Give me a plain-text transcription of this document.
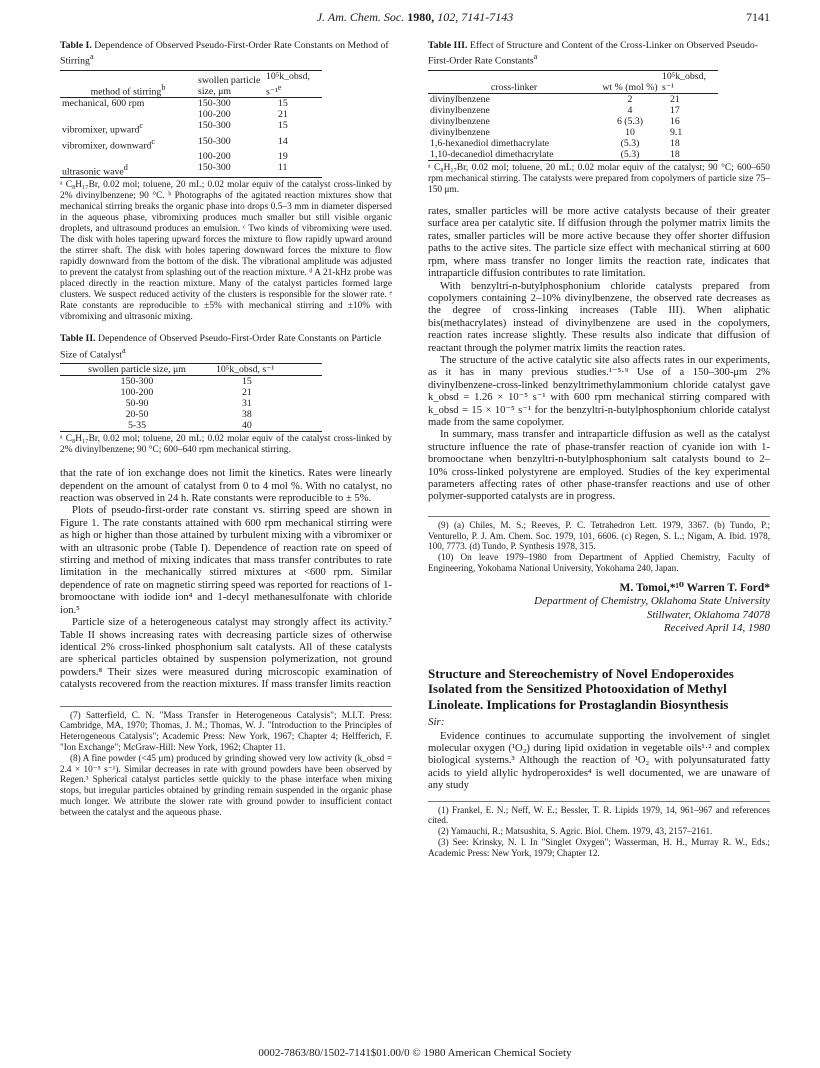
J. Am. Chem. Soc. 1980, 102, 7141-7143	7141
Table I. Dependence of Observed Pseudo-First-Order Rate Constants on Method of Stirring$^a$
method of stirring$^b$	swollen particle size, μm	10⁵k_obsd, s⁻¹$^e$
mechanical, 600 rpm	150-300	15
	100-200	21
vibromixer, upward$^c$	150-300	15
vibromixer, downward$^c$	150-300	14
	100-200	19
ultrasonic wave$^d$	150-300	11
ᵃ C₈H₁₇Br, 0.02 mol; toluene, 20 mL; 0.02 molar equiv of the catalyst cross-linked by 2% divinylbenzene; 90 °C. ᵇ Photographs of the agitated reaction mixtures show that mechanical stirring breaks the organic phase into drops 0.5–3 mm in diameter dispersed in the aqueous phase, vibromixing produces much smaller but still visible organic droplets, and ultrasound produces an emulsion. ᶜ Two kinds of vibromixing were used. The disk with holes tapering upward forces the mixture to flow rapidly upward around the stirrer shaft. The disk with holes tapering downward forces the mixture to flow rapidly downward from the bottom of the disk. The vibrational amplitude was adjusted to prevent the catalyst from splashing out of the reaction mixture. ᵈ A 21-kHz probe was placed directly in the reaction mixture. Many of the catalyst particles formed large clusters. We suspect reduced activity of the clusters is responsible for the slower rate. ᵉ Rate constants are reproducible to ±5% with mechanical stirring and ±10% with vibromixing and ultrasonic mixing.
Table II. Dependence of Observed Pseudo-First-Order Rate Constants on Particle Size of Catalyst$^a$
swollen particle size, μm	10⁵k_obsd, s⁻¹
150-300	15
100-200	21
50-90	31
20-50	38
5-35	40
ᵃ C₈H₁₇Br, 0.02 mol; toluene, 20 mL; 0.02 molar equiv of the catalyst cross-linked by 2% divinylbenzene; 90 °C; 600–640 rpm mechanical stirring.

that the rate of ion exchange does not limit the kinetics. Rates were linearly dependent on the amount of catalyst from 0 to 4 mol %. With no catalyst, no reaction was observed in 24 h. Rate constants were reproducible to ± 5%.

Plots of pseudo-first-order rate constant vs. stirring speed are shown in Figure 1. The rate constants attained with 600 rpm mechanical stirring were as high or higher than those attained by turbulent mixing with a vibromixer or with an ultrasonic probe (Table I). Dependence of reaction rate on speed of stirring and method of mixing indicates that mass transfer contributes to rate limitation in the mechanically stirred mixtures at <600 rpm. Similar dependence of rate on magnetic stirring speed was reported for reactions of 1-bromooctane with iodide ion⁴ and 1-decyl methanesulfonate with chloride ion.⁵

Particle size of a heterogeneous catalyst may strongly affect its activity.⁷ Table II shows increasing rates with decreasing particle sizes of otherwise identical 2% cross-linked phosphonium salt catalysts. All of these catalysts are spherical particles obtained by suspension polymerization, not ground powders.⁸ Their sizes were measured during microscopic examination of catalysts recovered from the reaction mixtures. If mass transfer limits reaction

(7) Satterfield, C. N. "Mass Transfer in Heterogeneous Catalysis"; M.I.T. Press: Cambridge, MA, 1970; Thomas, J. M.; Thomas, W. J. "Introduction to the Principles of Heterogeneous Catalysis"; Academic Press: New York, 1967; Chapter 4; Helfferich, F. "Ion Exchange"; McGraw-Hill: New York, 1962; Chapter 11.

(8) A fine powder (<45 μm) produced by grinding showed very low activity (k_obsd = 2.4 × 10⁻⁵ s⁻¹). Similar decreases in rate with ground powders have been observed by Regen.³ Spherical catalyst particles settle quickly to the phase interface when mixing stops, but irregular particles obtained by grinding remain suspended in the organic phase much longer. We attribute the slower rate with ground powder to insufficient contact between the catalyst and the aqueous phase.

Table III. Effect of Structure and Content of the Cross-Linker on Observed Pseudo-First-Order Rate Constants$^a$
cross-linker	wt % (mol %)	10⁵k_obsd, s⁻¹
divinylbenzene	2	21
divinylbenzene	4	17
divinylbenzene	6 (5.3)	16
divinylbenzene	10	9.1
1,6-hexanediol dimethacrylate	(5.3)	18
1,10-decanediol dimethacrylate	(5.3)	18
ᵃ C₈H₁₇Br, 0.02 mol; toluene, 20 mL; 0.02 molar equiv of the catalyst; 90 °C; 600–650 rpm mechanical stirring. The catalysts were prepared from copolymers of particle size 75–150 μm.

rates, smaller particles will be more active catalysts because of their greater surface area per catalytic site. If diffusion through the polymer matrix limits the rates, smaller particles will be more active because they offer shorter diffusion paths to the active sites. The particle size effect with mechanical stirring at 600 rpm, where mass transfer no longer limits the reaction rate, indicates that intraparticle diffusion contributes to rate limitation.

With benzyltri-n-butylphosphonium chloride catalysts prepared from copolymers containing 2–10% divinylbenzene, the observed rate decreases as the degree of cross-linking increases (Table III). When aliphatic bis(methacrylates) instead of divinylbenzene are used in the copolymers, reaction rates increase slightly. These results also indicate that diffusion of reactant through the polymer matrix limits the reaction rates.

The structure of the active catalytic site also affects rates in our experiments, as it has in many previous studies.¹⁻⁵·⁹ Use of a 150–300-μm 2% divinylbenzene-cross-linked benzyltrimethylammonium chloride catalyst gave k_obsd = 1.26 × 10⁻⁵ s⁻¹ with 600 rpm mechanical stirring compared with k_obsd = 15 × 10⁻⁵ s⁻¹ for the benzyltri-n-butylphosphonium chloride catalyst made from the same copolymer.

In summary, mass transfer and intraparticle diffusion as well as the catalyst structure influence the rate of phase-transfer reaction of cyanide ion with 1-bromooctane when benzyltri-n-butylphosphonium salt catalysts bound to 2–10% cross-linked polystyrene are employed. Studies of the key experimental parameters affecting rates of other phase-transfer reactions and use of other polymer-supported catalysts are in progress.

(9) (a) Chiles, M. S.; Reeves, P. C. Tetrahedron Lett. 1979, 3367. (b) Tundo, P.; Venturello, P. J. Am. Chem. Soc. 1979, 101, 6606. (c) Regen, S. L.; Nigam, A. Ibid. 1978, 100, 7773. (d) Tundo, P. Synthesis 1978, 315.

(10) On leave 1979–1980 from Department of Applied Chemistry, Faculty of Engineering, Yokohama National University, Yokohama 240, Japan.

M. Tomoi,*¹⁰ Warren T. Ford*
Department of Chemistry, Oklahoma State University
Stillwater, Oklahoma 74078
Received April 14, 1980

Structure and Stereochemistry of Novel Endoperoxides Isolated from the Sensitized Photooxidation of Methyl Linoleate. Implications for Prostaglandin Biosynthesis

Sir:

Evidence continues to accumulate supporting the involvement of singlet molecular oxygen (¹O₂) during lipid oxidation in vegetable oils¹·² and complex biological systems.³ Although the reaction of ¹O₂ with polyunsaturated fatty acids to yield allylic hydroperoxides⁴ is well documented, we are unaware of any study

(1) Frankel, E. N.; Neff, W. E.; Bessler, T. R. Lipids 1979, 14, 961–967 and references cited.

(2) Yamauchi, R.; Matsushita, S. Agric. Biol. Chem. 1979, 43, 2157–2161.

(3) See: Krinsky, N. I. In "Singlet Oxygen"; Wasserman, H. H., Murray R. W., Eds.; Academic Press: New York, 1979; Chapter 12.

0002-7863/80/1502-7141$01.00/0 © 1980 American Chemical Society
